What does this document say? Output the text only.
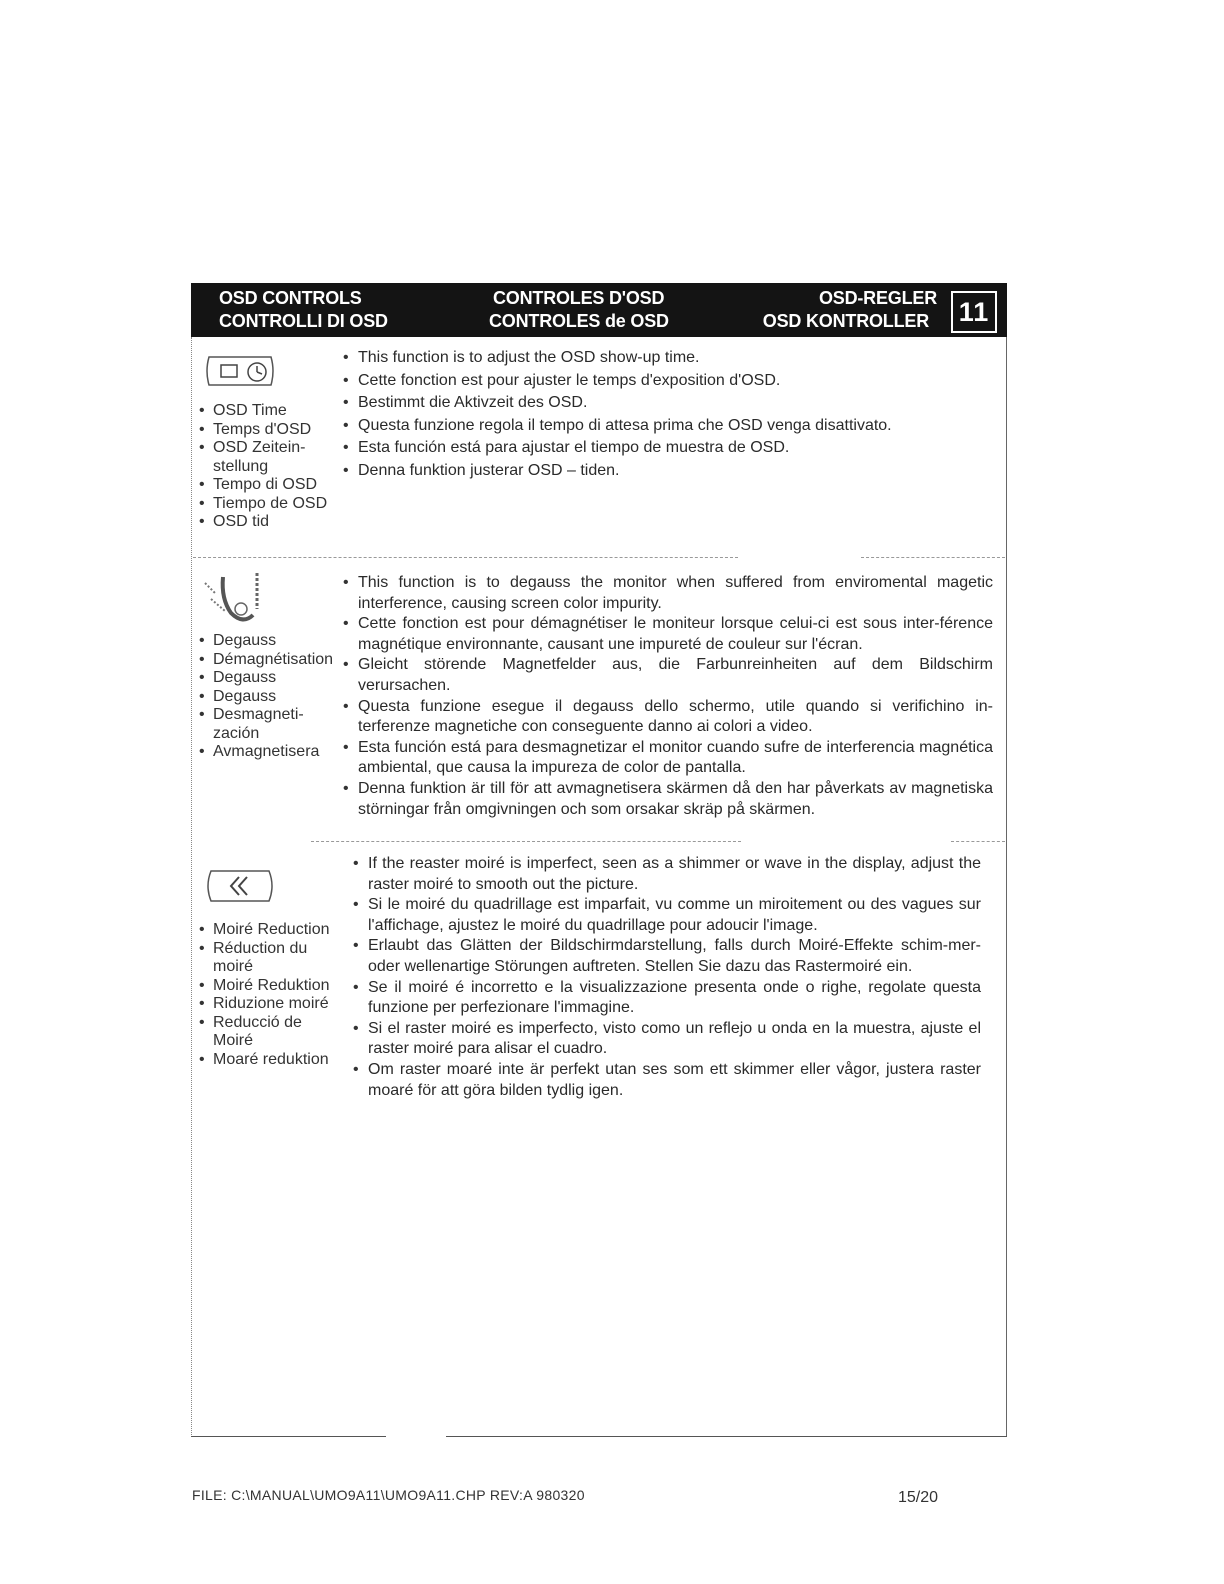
OSD CONTROLS
CONTROLLI DI OSD
CONTROLES D'OSD
CONTROLES de OSD
OSD-REGLER
OSD KONTROLLER 11
• OSD Time
• Temps d'OSD
• OSD Zeitein-stellung
• Tempo di OSD
• Tiempo de OSD
• OSD tid
• This function is to adjust the OSD show-up time.
• Cette fonction est pour ajuster le temps d'exposition d'OSD.
• Bestimmt die Aktivzeit des OSD.
• Questa funzione regola il tempo di attesa prima che OSD venga disattivato.
• Esta función está para ajustar el tiempo de muestra de OSD.
• Denna funktion justerar OSD – tiden.
• Degauss
• Démagnétisation
• Degauss
• Degauss
• Desmagneti-zación
• Avmagnetisera
• This function is to degauss the monitor when suffered from enviromental magetic interference, causing screen color impurity.
• Cette fonction est pour démagnétiser le moniteur lorsque celui-ci est sous inter-férence magnétique environnante, causant une impureté de couleur sur l'écran.
• Gleicht störende Magnetfelder aus, die Farbunreinheiten auf dem Bildschirm verursachen.
• Questa funzione esegue il degauss dello schermo, utile quando si verifichino in-terferenze magnetiche con conseguente danno ai colori a video.
• Esta función está para desmagnetizar el monitor cuando sufre de interferencia magnética ambiental, que causa la impureza de color de pantalla.
• Denna funktion är till för att avmagnetisera skärmen då den har påverkats av magnetiska störningar från omgivningen och som orsakar skräp på skärmen.
• Moiré Reduction
• Réduction du moiré
• Moiré Reduktion
• Riduzione moiré
• Reducció de Moiré
• Moaré reduktion
• If the reaster moiré is imperfect, seen as a shimmer or wave in the display, adjust the raster moiré to smooth out the picture.
• Si le moiré du quadrillage est imparfait, vu comme un miroitement ou des vagues sur l'affichage, ajustez le moiré du quadrillage pour adoucir l'image.
• Erlaubt das Glätten der Bildschirmdarstellung, falls durch Moiré-Effekte schim-mer- oder wellenartige Störungen auftreten. Stellen Sie dazu das Rastermoiré ein.
• Se il moiré é incorretto e la visualizzazione presenta onde o righe, regolate questa funzione per perfezionare l'immagine.
• Si el raster moiré es imperfecto, visto como un reflejo u onda en la muestra, ajuste el raster moiré para alisar el cuadro.
• Om raster moaré inte är perfekt utan ses som ett skimmer eller vågor, justera raster moaré för att göra bilden tydlig igen.
FILE: C:\MANUAL\UMO9A11\UMO9A11.CHP REV:A 980320	15/20
